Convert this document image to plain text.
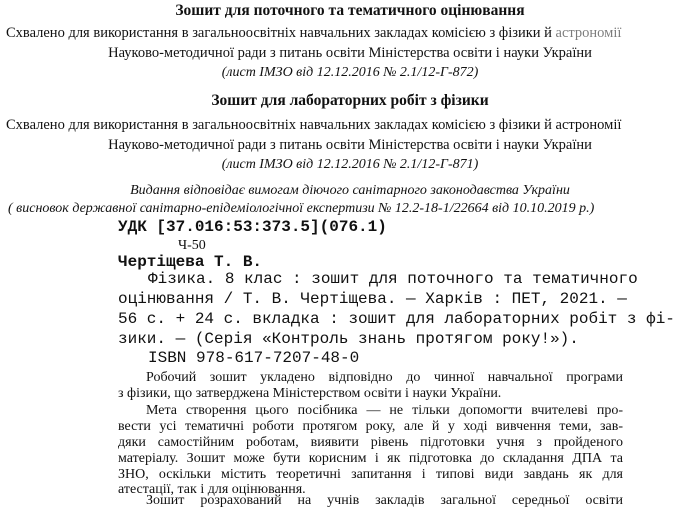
Зошит для поточного та тематичного оцінювання
Схвалено для використання в загальноосвітніх навчальних закладах комісією з фізики й астрономії
Науково-методичної ради з питань освіти Міністерства освіти і науки України
(лист ІМЗО від 12.12.2016 № 2.1/12-Г-872)
Зошит для лабораторних робіт з фізики
Схвалено для використання в загальноосвітніх навчальних закладах комісією з фізики й астрономії
Науково-методичної ради з питань освіти Міністерства освіти і науки України
(лист ІМЗО від 12.12.2016 № 2.1/12-Г-871)
Видання відповідає вимогам діючого санітарного законодавства України
( висновок державної санітарно-епідеміологічної експертизи № 12.2-18-1/22664 від 10.10.2019 р.)
УДК [37.016:53:373.5](076.1)
Ч-50
Чертіщева Т. В.
Фізика. 8 клас : зошит для поточного та тематичного
оцінювання / Т. В. Чертіщева. — Харків : ПЕТ, 2021. —
56 с. + 24 с. вкладка : зошит для лабораторних робіт з фі-
зики. — (Серія «Контроль знань протягом року!»).
ISBN 978-617-7207-48-0
Робочий зошит укладено відповідно до чинної навчальної програми
з фізики, що затверджена Міністерством освіти і науки України.
Мета створення цього посібника — не тільки допомогти вчителеві про-
вести усі тематичні роботи протягом року, але й у ході вивчення теми, зав-
дяки самостійним роботам, виявити рівень підготовки учня з пройденого
матеріалу. Зошит може бути корисним і як підготовка до складання ДПА та
ЗНО, оскільки містить теоретичні запитання і типові види завдань як для
атестації, так і для оцінювання.
Зошит розрахований на учнів закладів загальної середньої освіти
